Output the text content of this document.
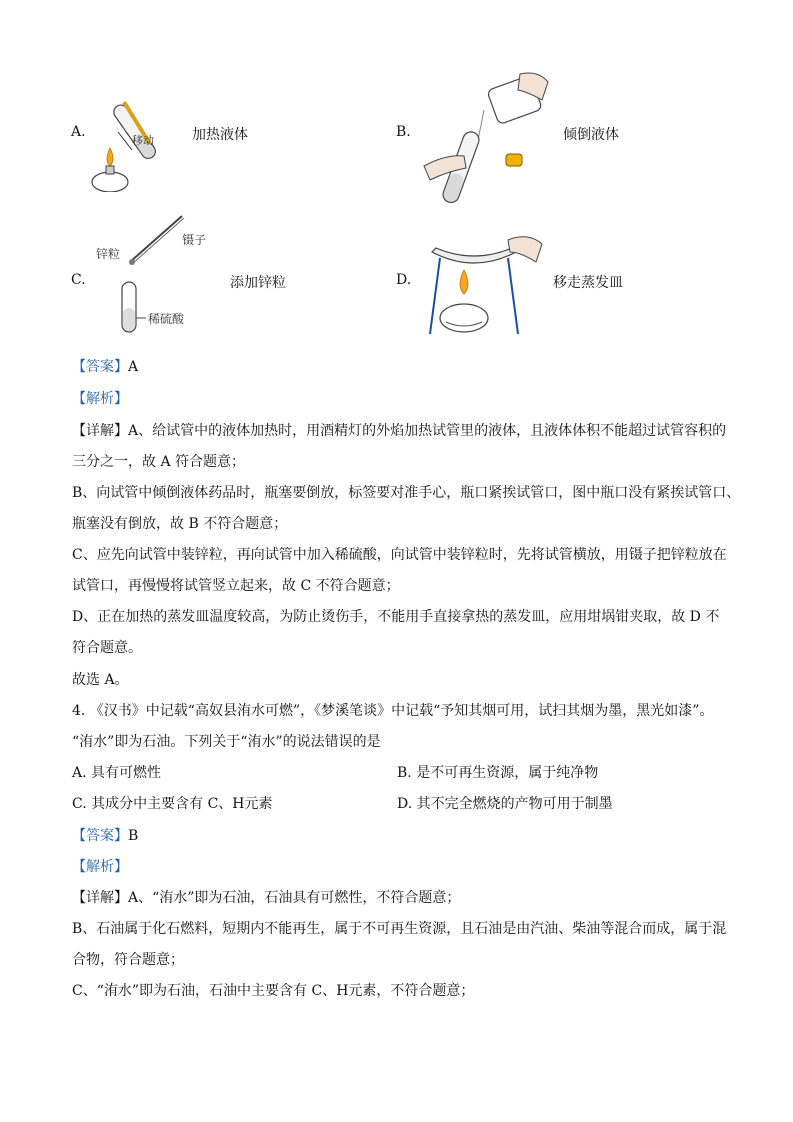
A.
移动	加热液体	B.	倾倒液体
C.
锌粒
镊子
稀硫酸
添加锌粒	D.	移走蒸发皿
【答案】A
【解析】
【详解】A、给试管中的液体加热时，用酒精灯的外焰加热试管里的液体，且液体体积不能超过试管容积的
三分之一，故 A 符合题意；
B、向试管中倾倒液体药品时，瓶塞要倒放，标签要对准手心，瓶口紧挨试管口，图中瓶口没有紧挨试管口、
瓶塞没有倒放，故 B 不符合题意；
C、应先向试管中装锌粒，再向试管中加入稀硫酸，向试管中装锌粒时，先将试管横放，用镊子把锌粒放在
试管口，再慢慢将试管竖立起来，故 C 不符合题意；
D、正在加热的蒸发皿温度较高，为防止烫伤手，不能用手直接拿热的蒸发皿，应用坩埚钳夹取，故 D 不
符合题意。
故选 A。
4. 《汉书》中记载“高奴县洧水可燃”，《梦溪笔谈》中记载“予知其烟可用，试扫其烟为墨，黑光如漆”。
“洧水”即为石油。下列关于“洧水”的说法错误的是
A. 具有可燃性	B. 是不可再生资源，属于纯净物
C. 其成分中主要含有 C、H元素	D. 其不完全燃烧的产物可用于制墨
【答案】B
【解析】
【详解】A、“洧水”即为石油，石油具有可燃性，不符合题意；
B、石油属于化石燃料，短期内不能再生，属于不可再生资源，且石油是由汽油、柴油等混合而成，属于混
合物，符合题意；
C、“洧水”即为石油，石油中主要含有 C、H元素，不符合题意；
